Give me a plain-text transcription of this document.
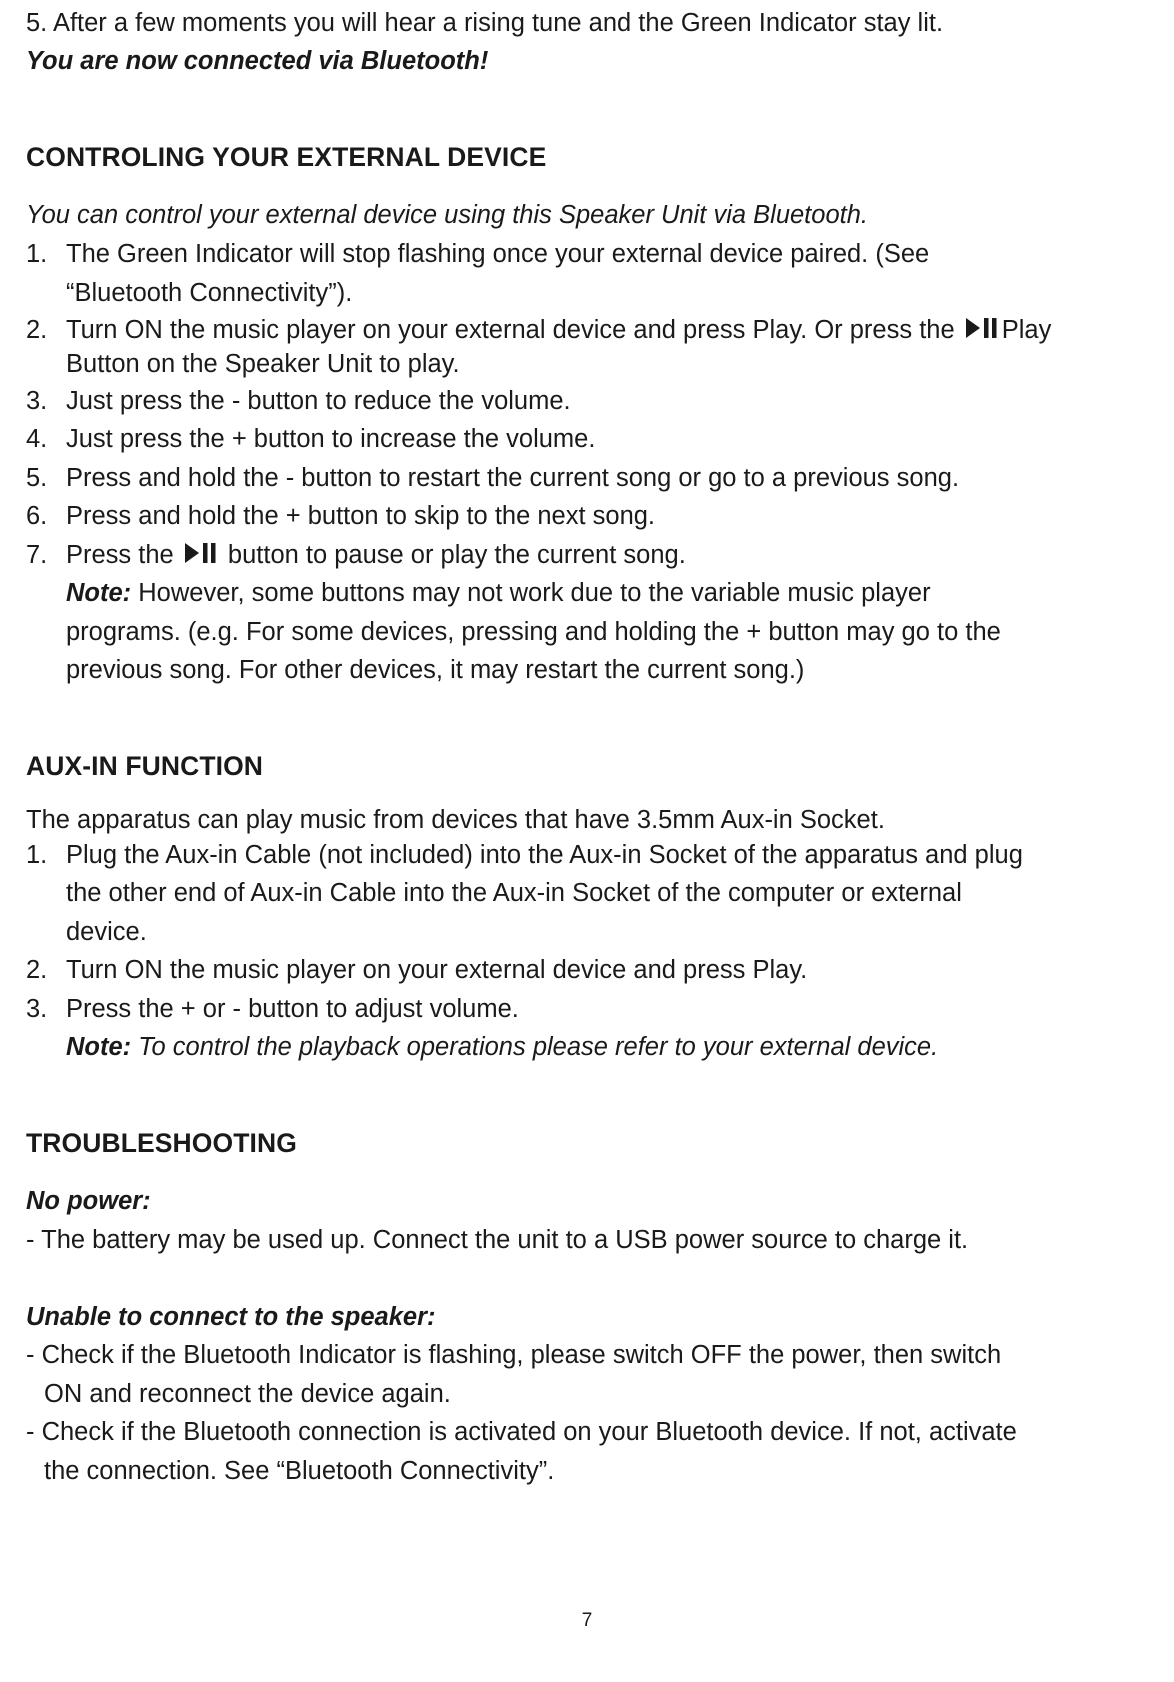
5. After a few moments you will hear a rising tune and the Green Indicator stay lit.
You are now connected via Bluetooth!
CONTROLING YOUR EXTERNAL DEVICE
You can control your external device using this Speaker Unit via Bluetooth.
1. The Green Indicator will stop flashing once your external device paired. (See
“Bluetooth Connectivity”).
2. Turn ON the music player on your external device and press Play. Or press the Play
Button on the Speaker Unit to play.
3. Just press the - button to reduce the volume.
4. Just press the + button to increase the volume.
5. Press and hold the - button to restart the current song or go to a previous song.
6. Press and hold the + button to skip to the next song.
7. Press the button to pause or play the current song.
Note: However, some buttons may not work due to the variable music player
programs. (e.g. For some devices, pressing and holding the + button may go to the
previous song. For other devices, it may restart the current song.)
AUX-IN FUNCTION
The apparatus can play music from devices that have 3.5mm Aux-in Socket.
1. Plug the Aux-in Cable (not included) into the Aux-in Socket of the apparatus and plug
the other end of Aux-in Cable into the Aux-in Socket of the computer or external
device.
2. Turn ON the music player on your external device and press Play.
3. Press the + or - button to adjust volume.
Note: To control the playback operations please refer to your external device.
TROUBLESHOOTING
No power:
- The battery may be used up. Connect the unit to a USB power source to charge it.
Unable to connect to the speaker:
- Check if the Bluetooth Indicator is flashing, please switch OFF the power, then switch
ON and reconnect the device again.
- Check if the Bluetooth connection is activated on your Bluetooth device. If not, activate
the connection. See “Bluetooth Connectivity”.
7
